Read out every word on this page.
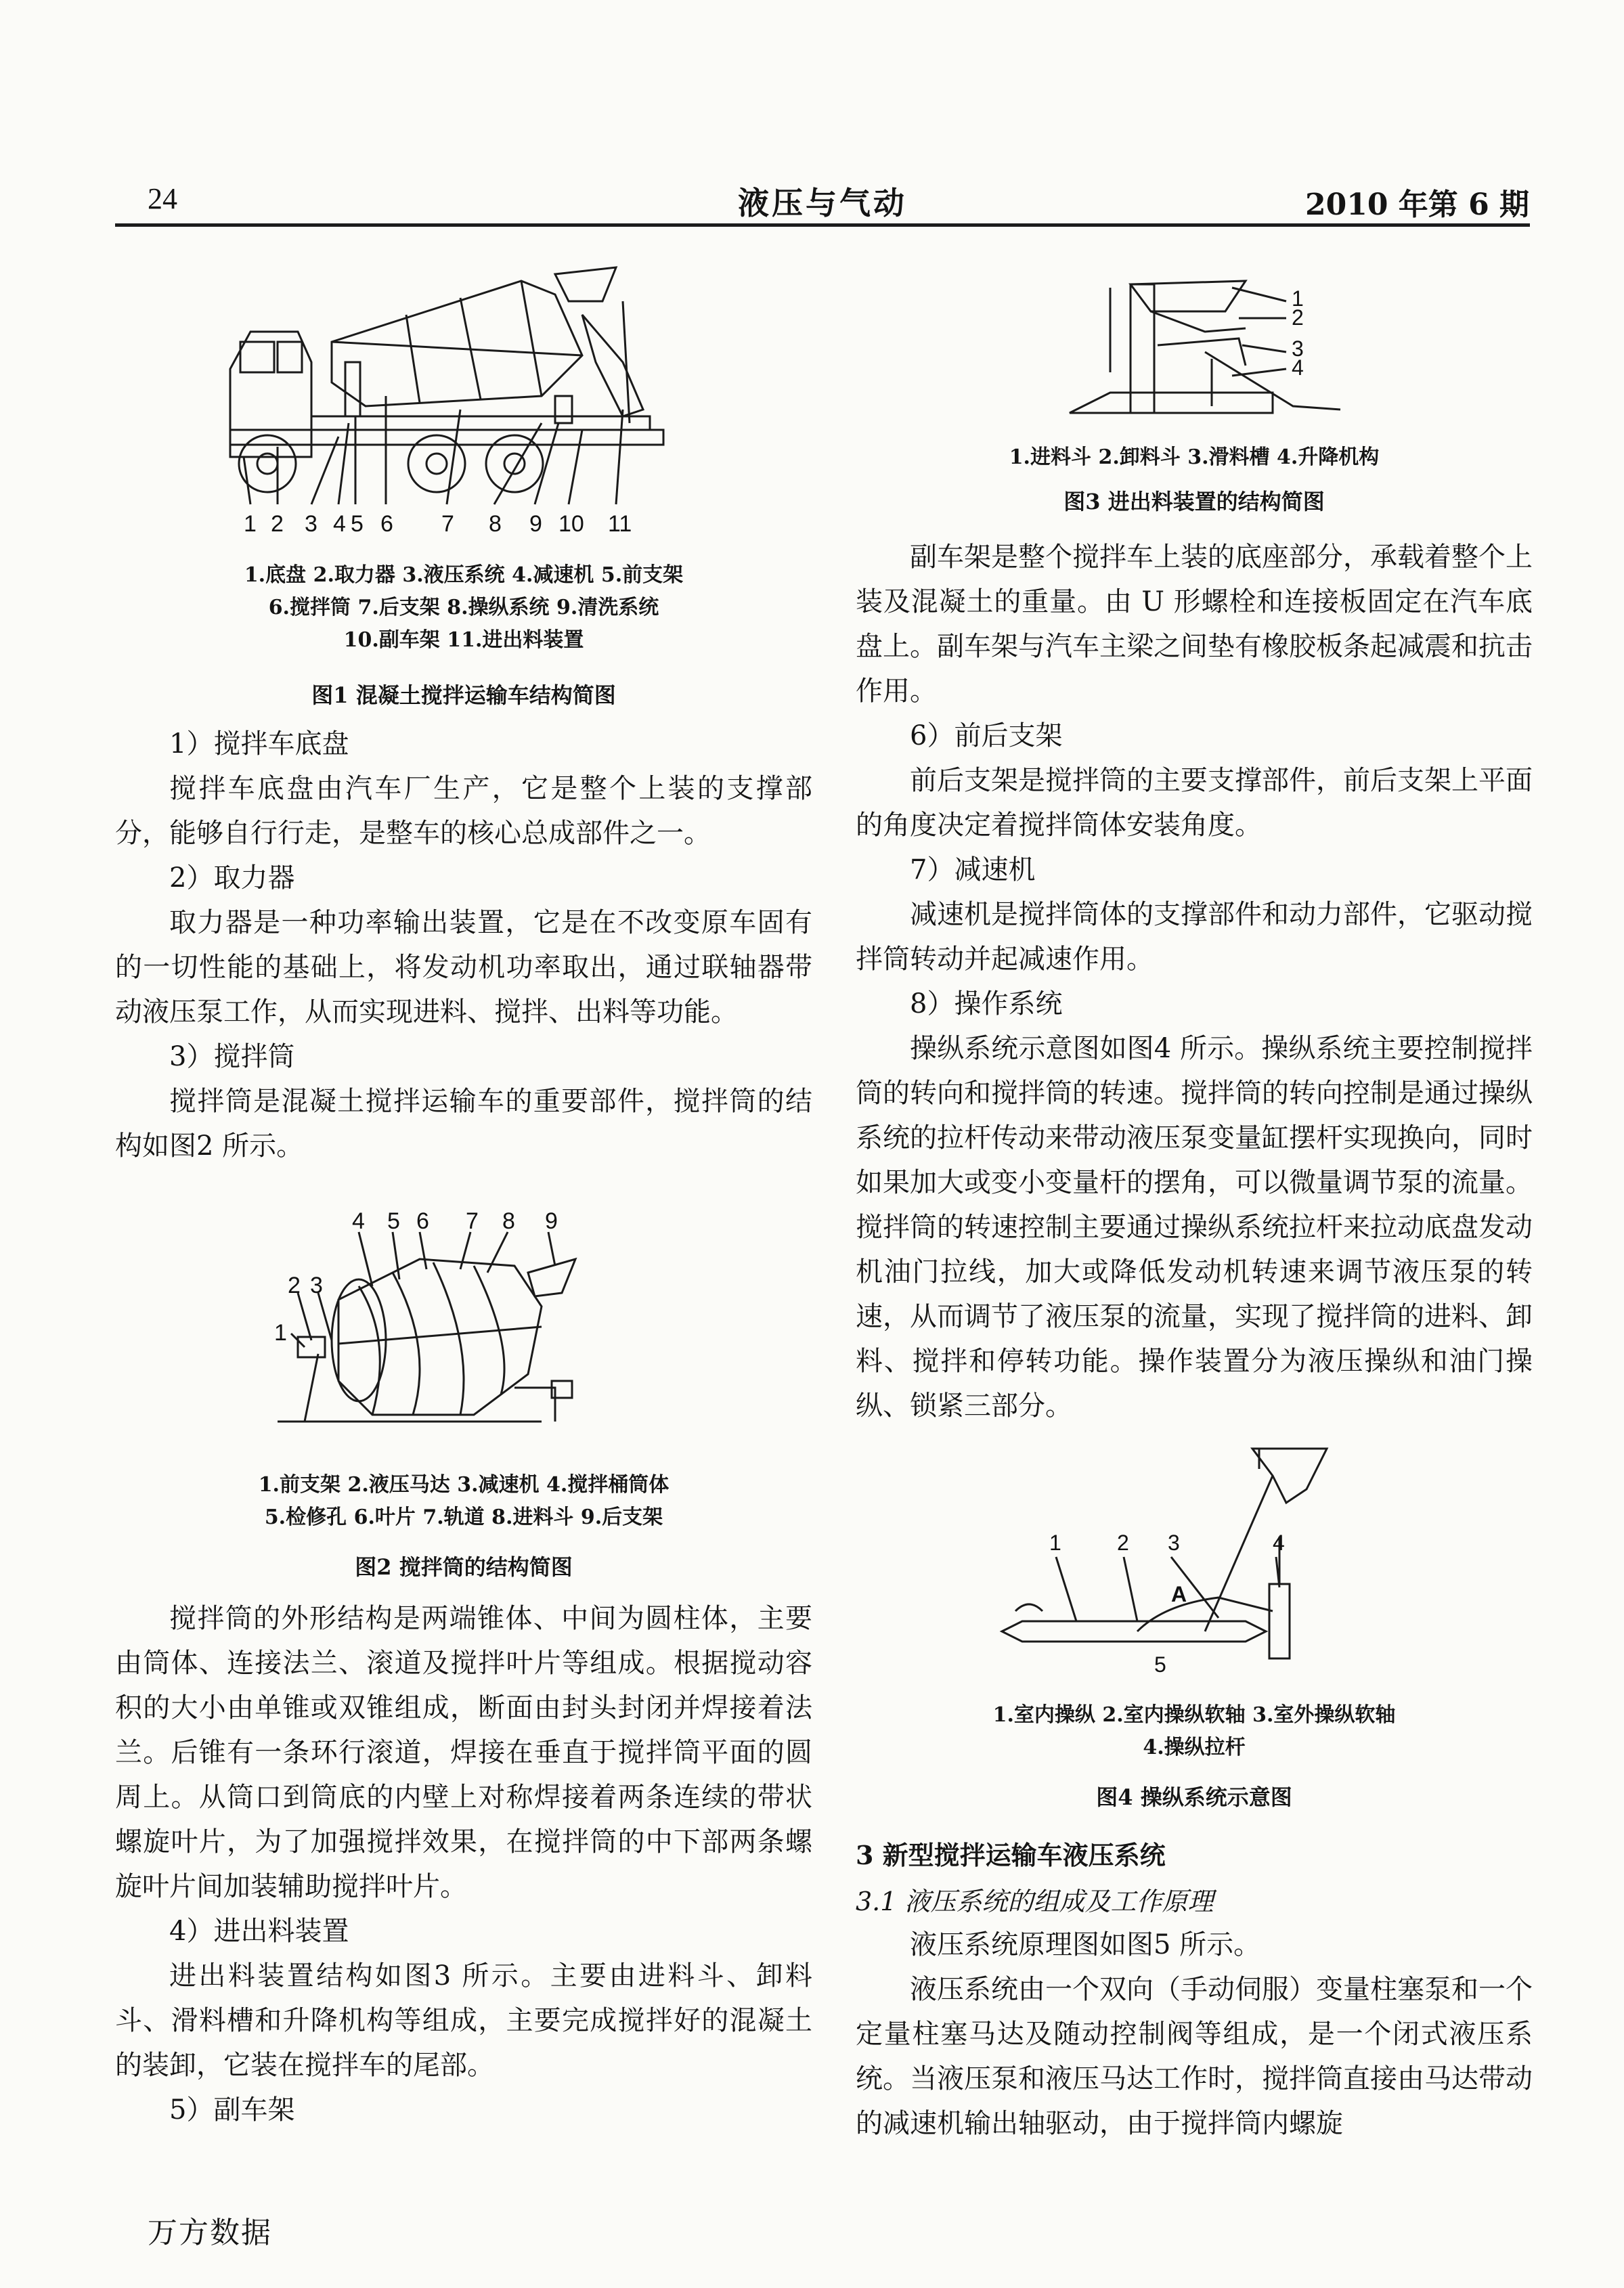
24	液压与气动	2010 年第 6 期
1 2 3 4 5 6 7 8 9 10 11
1.底盘 2.取力器 3.液压系统 4.减速机 5.前支架
6.搅拌筒 7.后支架 8.操纵系统 9.清洗系统
10.副车架 11.进出料装置
图1 混凝土搅拌运输车结构简图

1）搅拌车底盘

搅拌车底盘由汽车厂生产，它是整个上装的支撑部分，能够自行行走，是整车的核心总成部件之一。

2）取力器

取力器是一种功率输出装置，它是在不改变原车固有的一切性能的基础上，将发动机功率取出，通过联轴器带动液压泵工作，从而实现进料、搅拌、出料等功能。

3）搅拌筒

搅拌筒是混凝土搅拌运输车的重要部件，搅拌筒的结构如图2 所示。

1
2 3
4 5 6 7 8 9
1.前支架 2.液压马达 3.减速机 4.搅拌桶筒体
5.检修孔 6.叶片 7.轨道 8.进料斗 9.后支架
图2 搅拌筒的结构简图

搅拌筒的外形结构是两端锥体、中间为圆柱体，主要由筒体、连接法兰、滚道及搅拌叶片等组成。根据搅动容积的大小由单锥或双锥组成，断面由封头封闭并焊接着法兰。后锥有一条环行滚道，焊接在垂直于搅拌筒平面的圆周上。从筒口到筒底的内壁上对称焊接着两条连续的带状螺旋叶片，为了加强搅拌效果，在搅拌筒的中下部两条螺旋叶片间加装辅助搅拌叶片。

4）进出料装置

进出料装置结构如图3 所示。主要由进料斗、卸料斗、滑料槽和升降机构等组成，主要完成搅拌好的混凝土的装卸，它装在搅拌车的尾部。

5）副车架

1
2
3
4
1.进料斗 2.卸料斗 3.滑料槽 4.升降机构
图3 进出料装置的结构简图

副车架是整个搅拌车上装的底座部分，承载着整个上装及混凝土的重量。由 U 形螺栓和连接板固定在汽车底盘上。副车架与汽车主梁之间垫有橡胶板条起减震和抗击作用。

6）前后支架

前后支架是搅拌筒的主要支撑部件，前后支架上平面的角度决定着搅拌筒体安装角度。

7）减速机

减速机是搅拌筒体的支撑部件和动力部件，它驱动搅拌筒转动并起减速作用。

8）操作系统

操纵系统示意图如图4 所示。操纵系统主要控制搅拌筒的转向和搅拌筒的转速。搅拌筒的转向控制是通过操纵系统的拉杆传动来带动液压泵变量缸摆杆实现换向，同时如果加大或变小变量杆的摆角，可以微量调节泵的流量。搅拌筒的转速控制主要通过操纵系统拉杆来拉动底盘发动机油门拉线，加大或降低发动机转速来调节液压泵的转速，从而调节了液压泵的流量，实现了搅拌筒的进料、卸料、搅拌和停转功能。操作装置分为液压操纵和油门操纵、锁紧三部分。

1	2 3	4
5
A
1.室内操纵 2.室内操纵软轴 3.室外操纵软轴
4.操纵拉杆
图4 操纵系统示意图
3 新型搅拌运输车液压系统
3.1 液压系统的组成及工作原理

液压系统原理图如图5 所示。

液压系统由一个双向（手动伺服）变量柱塞泵和一个定量柱塞马达及随动控制阀等组成，是一个闭式液压系统。当液压泵和液压马达工作时，搅拌筒直接由马达带动的减速机输出轴驱动，由于搅拌筒内螺旋

万方数据
